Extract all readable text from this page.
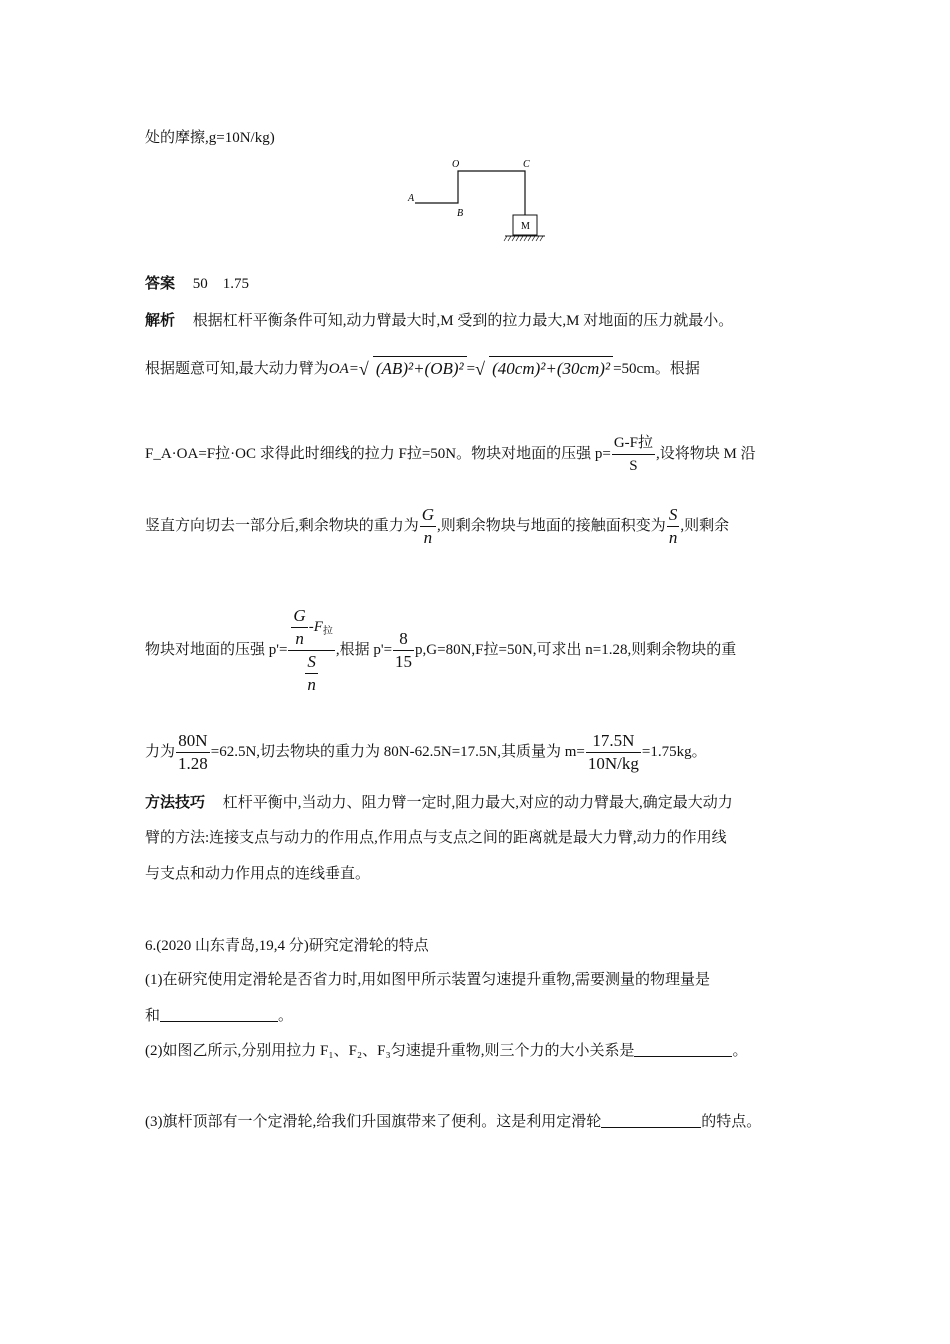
处的摩擦,g=10N/kg)
O	C
A
B
M
答案 50　1.75
解析 根据杠杆平衡条件可知,动力臂最大时,M 受到的拉力最大,M 对地面的压力就最小。
根据题意可知,最大动力臂为OA= √ (AB)²+(OB)² = √ (40cm)²+(30cm)² =50cm。根据
F_A·OA=F拉·OC 求得此时细线的拉力 F拉=50N。物块对地面的压强 $p= \frac{\text{G-F拉}}{S}$ ,设将物块 M 沿
竖直方向切去一部分后,剩余物块的重力为 $\frac{G}{n}$ ,则剩余物块与地面的接触面积变为 $\frac{S}{n}$ ,则剩余
物块对地面的压强 $p'= \frac{\frac{G}{n} -F_拉}{\frac{S}{n}}$ ,根据 $p'= \frac{8}{15} p,G=80N,F$拉=50N,可求出 n=1.28,则剩余物块的重
力为 $\frac{80N}{1.28} =62.5N$,切去物块的重力为 80N-62.5N=17.5N,其质量为 $m= \frac{17.5N}{10N/kg} =1.75kg$。
方法技巧 杠杆平衡中,当动力、阻力臂一定时,阻力最大,对应的动力臂最大,确定最大动力
臂的方法:连接支点与动力的作用点,作用点与支点之间的距离就是最大力臂,动力的作用线
与支点和动力作用点的连线垂直。
6.(2020 山东青岛,19,4 分)研究定滑轮的特点
(1)在研究使用定滑轮是否省力时,用如图甲所示装置匀速提升重物,需要测量的物理量是
和	。
(2)如图乙所示,分别用拉力 F₁、F₂、F₃匀速提升重物,则三个力的大小关系是	。
(3)旗杆顶部有一个定滑轮,给我们升国旗带来了便利。这是利用定滑轮	的特点。
